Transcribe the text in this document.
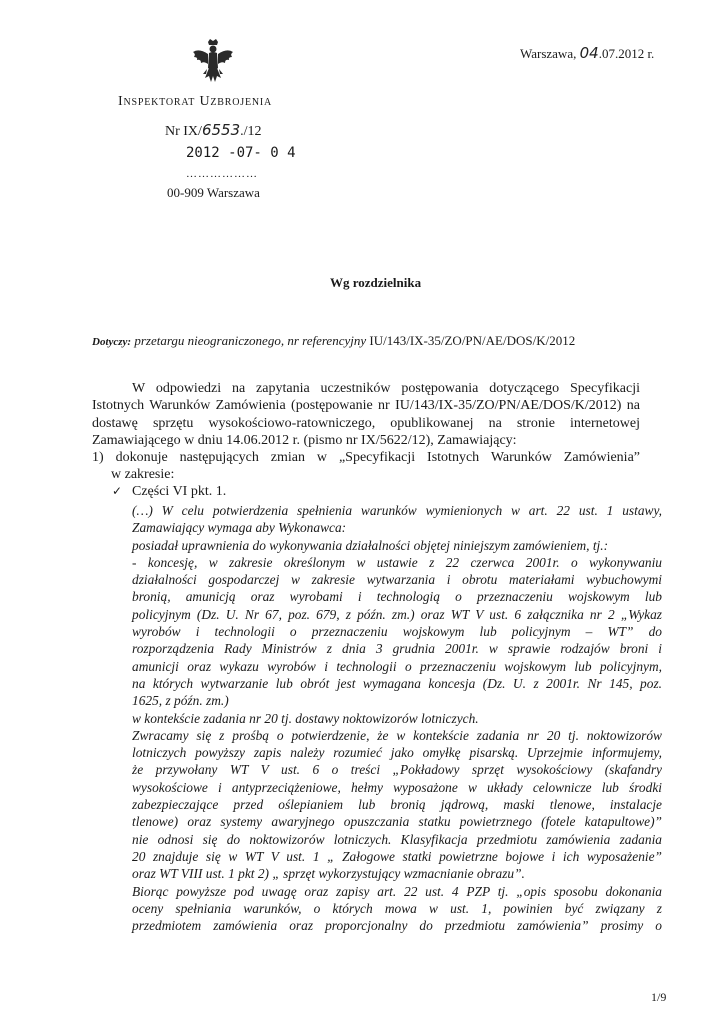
Warszawa, 04.07.2012 r.
Inspektorat Uzbrojenia
Nr IX/6553./12
2012 -07- 0 4
………………
00-909 Warszawa
Wg rozdzielnika
Dotyczy: przetargu nieograniczonego, nr referencyjny IU/143/IX-35/ZO/PN/AE/DOS/K/2012
W odpowiedzi na zapytania uczestników postępowania dotyczącego Specyfikacji
Istotnych Warunków Zamówienia (postępowanie nr IU/143/IX-35/ZO/PN/AE/DOS/K/2012) na
dostawę sprzętu wysokościowo-ratowniczego, opublikowanej na stronie internetowej
Zamawiającego w dniu 14.06.2012 r. (pismo nr IX/5622/12), Zamawiający:
1) dokonuje następujących zmian w „Specyfikacji Istotnych Warunków Zamówienia”
w zakresie:
✓ Części VI pkt. 1.
(…) W celu potwierdzenia spełnienia warunków wymienionych w art. 22 ust. 1 ustawy,
Zamawiający wymaga aby Wykonawca:
posiadał uprawnienia do wykonywania działalności objętej niniejszym zamówieniem, tj.:
- koncesję, w zakresie określonym w ustawie z 22 czerwca 2001r. o wykonywaniu
działalności gospodarczej w zakresie wytwarzania i obrotu materiałami wybuchowymi
bronią, amunicją oraz wyrobami i technologią o przeznaczeniu wojskowym lub
policyjnym (Dz. U. Nr 67, poz. 679, z późn. zm.) oraz WT V ust. 6 załącznika nr 2 „Wykaz
wyrobów i technologii o przeznaczeniu wojskowym lub policyjnym – WT” do
rozporządzenia Rady Ministrów z dnia 3 grudnia 2001r. w sprawie rodzajów broni i
amunicji oraz wykazu wyrobów i technologii o przeznaczeniu wojskowym lub policyjnym,
na których wytwarzanie lub obrót jest wymagana koncesja (Dz. U. z 2001r. Nr 145, poz.
1625, z późn. zm.)
w kontekście zadania nr 20 tj. dostawy noktowizorów lotniczych.
Zwracamy się z prośbą o potwierdzenie, że w kontekście zadania nr 20 tj. noktowizorów
lotniczych powyższy zapis należy rozumieć jako omyłkę pisarską. Uprzejmie informujemy,
że przywołany WT V ust. 6 o treści „Pokładowy sprzęt wysokościowy (skafandry
wysokościowe i antyprzeciążeniowe, hełmy wyposażone w układy celownicze lub środki
zabezpieczające przed oślepianiem lub bronią jądrową, maski tlenowe, instalacje
tlenowe) oraz systemy awaryjnego opuszczania statku powietrznego (fotele katapultowe)”
nie odnosi się do noktowizorów lotniczych. Klasyfikacja przedmiotu zamówienia zadania
20 znajduje się w WT V ust. 1 „ Załogowe statki powietrzne bojowe i ich wyposażenie”
oraz WT VIII ust. 1 pkt 2) „ sprzęt wykorzystujący wzmacnianie obrazu”.
Biorąc powyższe pod uwagę oraz zapisy art. 22 ust. 4 PZP tj. „opis sposobu dokonania
oceny spełniania warunków, o których mowa w ust. 1, powinien być związany z
przedmiotem zamówienia oraz proporcjonalny do przedmiotu zamówienia” prosimy o
1/9
